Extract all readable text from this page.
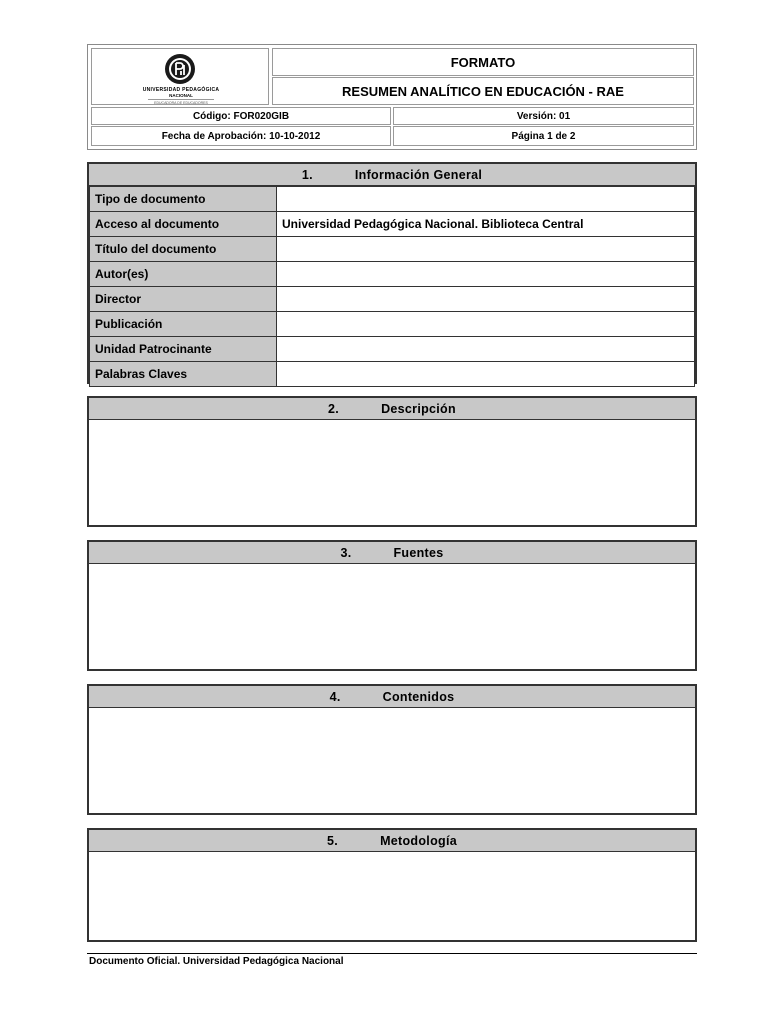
UNIVERSIDAD PEDAGÓGICA
NACIONAL
EDUCADORA DE EDUCADORES
FORMATO
RESUMEN ANALÍTICO EN EDUCACIÓN - RAE
Código: FOR020GIB	Versión: 01
Fecha de Aprobación: 10-10-2012	Página 1 de 2
1.	Información General
Tipo de documento	
Acceso al documento	Universidad Pedagógica Nacional. Biblioteca Central
Título del documento	
Autor(es)	
Director	
Publicación	
Unidad Patrocinante	
Palabras Claves	
2.	Descripción
3.	Fuentes
4.	Contenidos
5.	Metodología
Documento Oficial. Universidad Pedagógica Nacional
